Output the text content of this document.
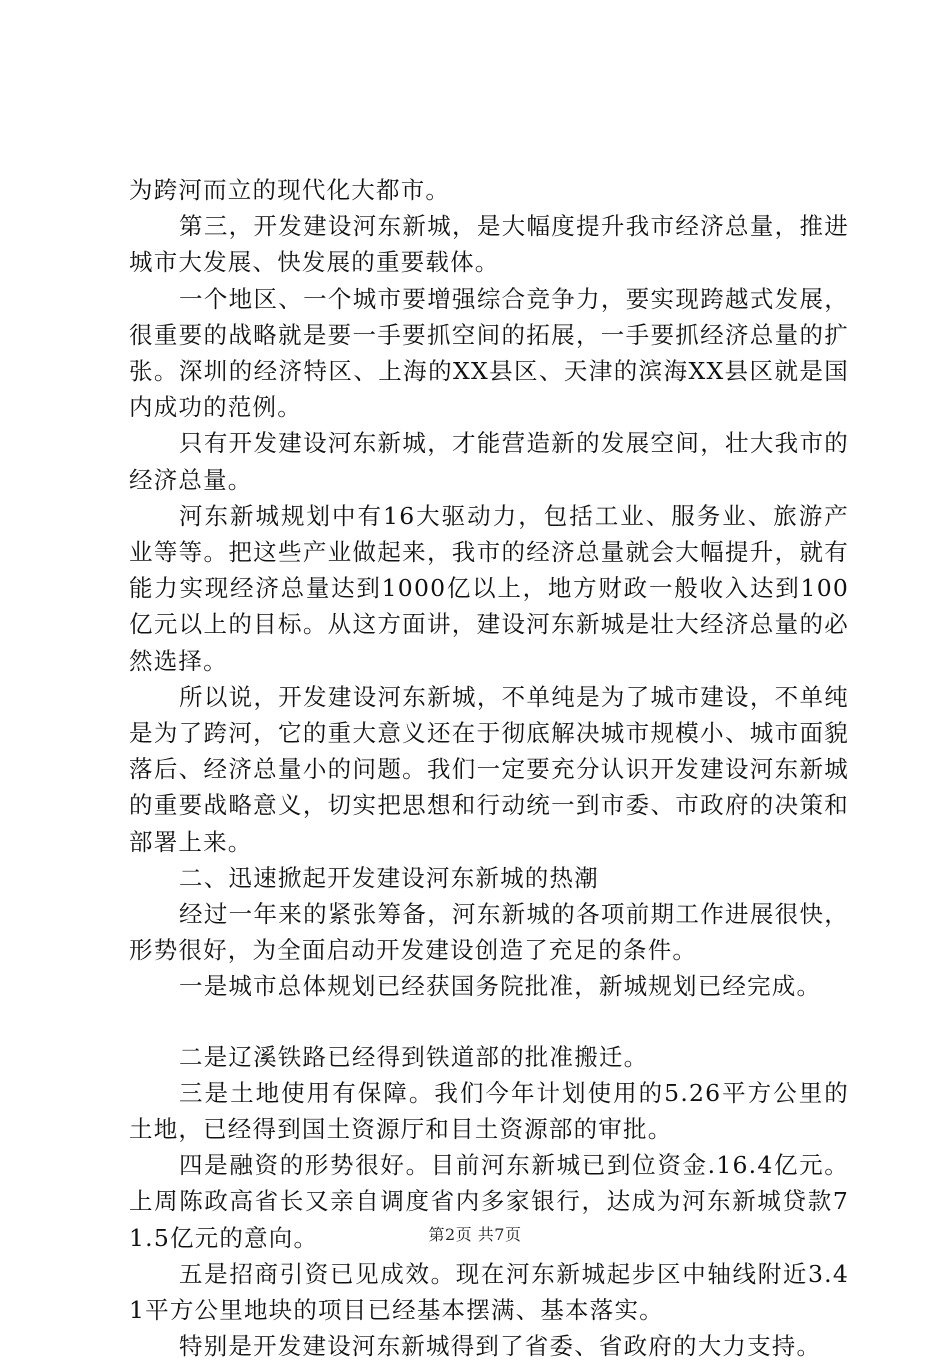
为跨河而立的现代化大都市。

第三，开发建设河东新城，是大幅度提升我市经济总量，推进城市大发展、快发展的重要载体。

一个地区、一个城市要增强综合竞争力，要实现跨越式发展，很重要的战略就是要一手要抓空间的拓展，一手要抓经济总量的扩张。深圳的经济特区、上海的XX县区、天津的滨海XX县区就是国内成功的范例。

只有开发建设河东新城，才能营造新的发展空间，壮大我市的经济总量。

河东新城规划中有16大驱动力，包括工业、服务业、旅游产业等等。把这些产业做起来，我市的经济总量就会大幅提升，就有能力实现经济总量达到1000亿以上，地方财政一般收入达到100亿元以上的目标。从这方面讲，建设河东新城是壮大经济总量的必然选择。

所以说，开发建设河东新城，不单纯是为了城市建设，不单纯是为了跨河，它的重大意义还在于彻底解决城市规模小、城市面貌落后、经济总量小的问题。我们一定要充分认识开发建设河东新城的重要战略意义，切实把思想和行动统一到市委、市政府的决策和部署上来。

二、迅速掀起开发建设河东新城的热潮

经过一年来的紧张筹备，河东新城的各项前期工作进展很快，形势很好，为全面启动开发建设创造了充足的条件。

一是城市总体规划已经获国务院批准，新城规划已经完成。

二是辽溪铁路已经得到铁道部的批准搬迁。

三是土地使用有保障。我们今年计划使用的5.26平方公里的土地，已经得到国土资源厅和目土资源部的审批。

四是融资的形势很好。目前河东新城已到位资金.16.4亿元。上周陈政高省长又亲自调度省内多家银行，达成为河东新城贷款71.5亿元的意向。

五是招商引资已见成效。现在河东新城起步区中轴线附近3.41平方公里地块的项目已经基本摆满、基本落实。

特别是开发建设河东新城得到了省委、省政府的大力支持。

第2页 共7页
